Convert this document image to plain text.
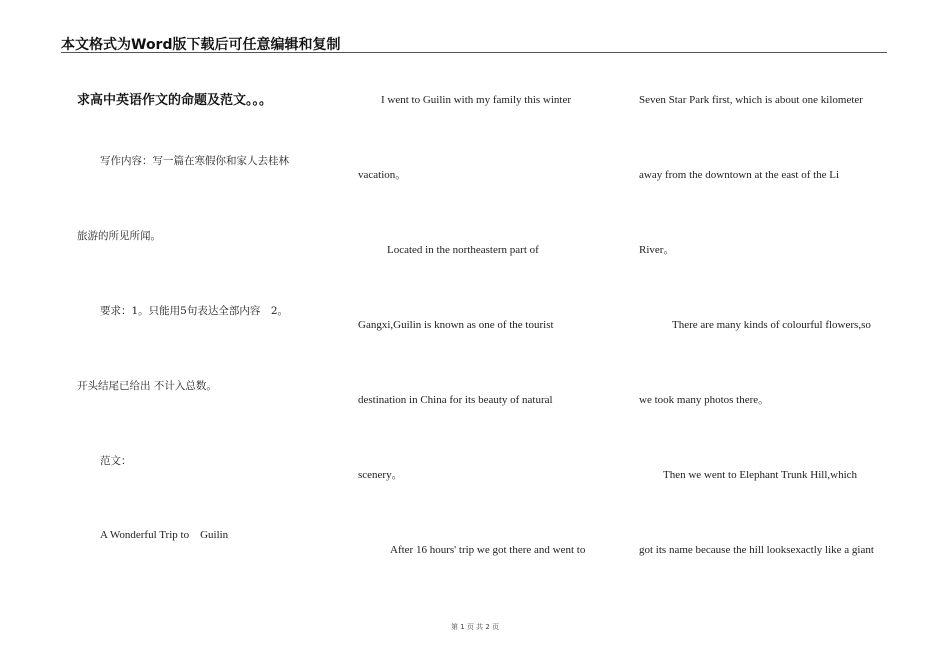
本文格式为Word版下载后可任意编辑和复制
求高中英语作文的命题及范文。。。
写作内容：写一篇在寒假你和家人去桂林
旅游的所见所闻。
要求：1。只能用5句表达全部内容　2。
开头结尾已给出 不计入总数。
范文：
A Wonderful Trip to　Guilin
I went to Guilin with my family this winter
vacation。
Located in the northeastern part of
Gangxi,Guilin is known as one of the tourist
destination in China for its beauty of natural
scenery。
After 16 hours' trip we got there and went to
Seven Star Park first, which is about one kilometer
away from the downtown at the east of the Li
River。
There are many kinds of colourful flowers,so
we took many photos there。
Then we went to Elephant Trunk Hill,which
got its name because the hill looksexactly like a giant
第 1 页 共 2 页
